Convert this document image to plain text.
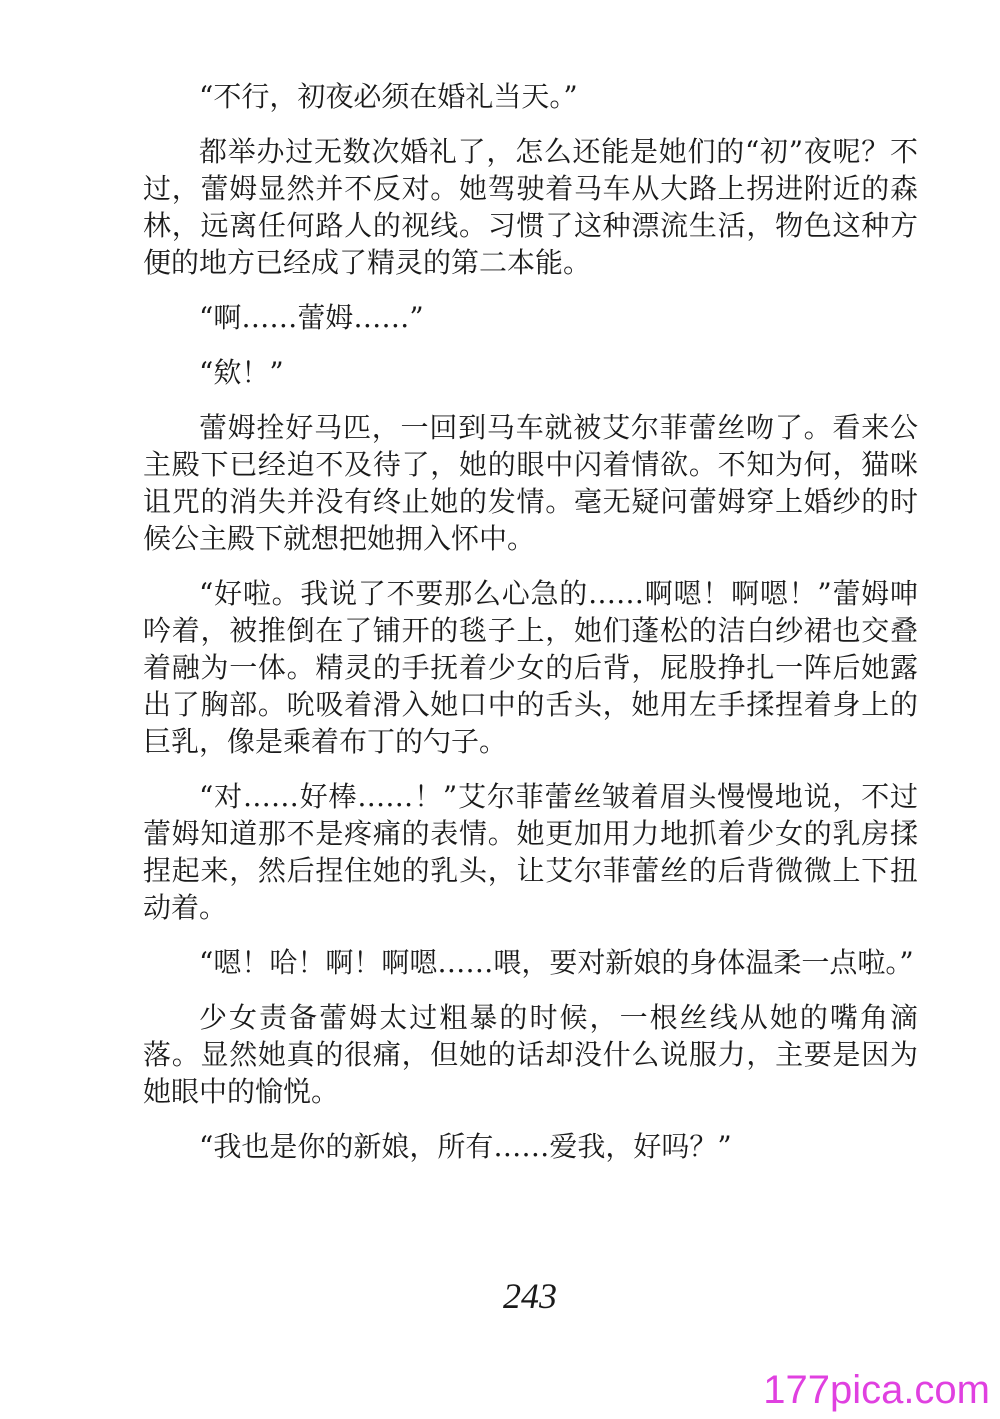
“不行，初夜必须在婚礼当天。”

都举办过无数次婚礼了，怎么还能是她们的“初”夜呢？不过，蕾姆显然并不反对。她驾驶着马车从大路上拐进附近的森林，远离任何路人的视线。习惯了这种漂流生活，物色这种方便的地方已经成了精灵的第二本能。

“啊……蕾姆……”

“欸！”

蕾姆拴好马匹，一回到马车就被艾尔菲蕾丝吻了。看来公主殿下已经迫不及待了，她的眼中闪着情欲。不知为何，猫咪诅咒的消失并没有终止她的发情。毫无疑问蕾姆穿上婚纱的时候公主殿下就想把她拥入怀中。

“好啦。我说了不要那么心急的……啊嗯！啊嗯！”蕾姆呻吟着，被推倒在了铺开的毯子上，她们蓬松的洁白纱裙也交叠着融为一体。精灵的手抚着少女的后背，屁股挣扎一阵后她露出了胸部。吮吸着滑入她口中的舌头，她用左手揉捏着身上的巨乳，像是乘着布丁的勺子。

“对……好棒……！”艾尔菲蕾丝皱着眉头慢慢地说，不过蕾姆知道那不是疼痛的表情。她更加用力地抓着少女的乳房揉捏起来，然后捏住她的乳头，让艾尔菲蕾丝的后背微微上下扭动着。

“嗯！哈！啊！啊嗯……喂，要对新娘的身体温柔一点啦。”

少女责备蕾姆太过粗暴的时候，一根丝线从她的嘴角滴落。显然她真的很痛，但她的话却没什么说服力，主要是因为她眼中的愉悦。

“我也是你的新娘，所有……爱我，好吗？”

243
177pica.com
